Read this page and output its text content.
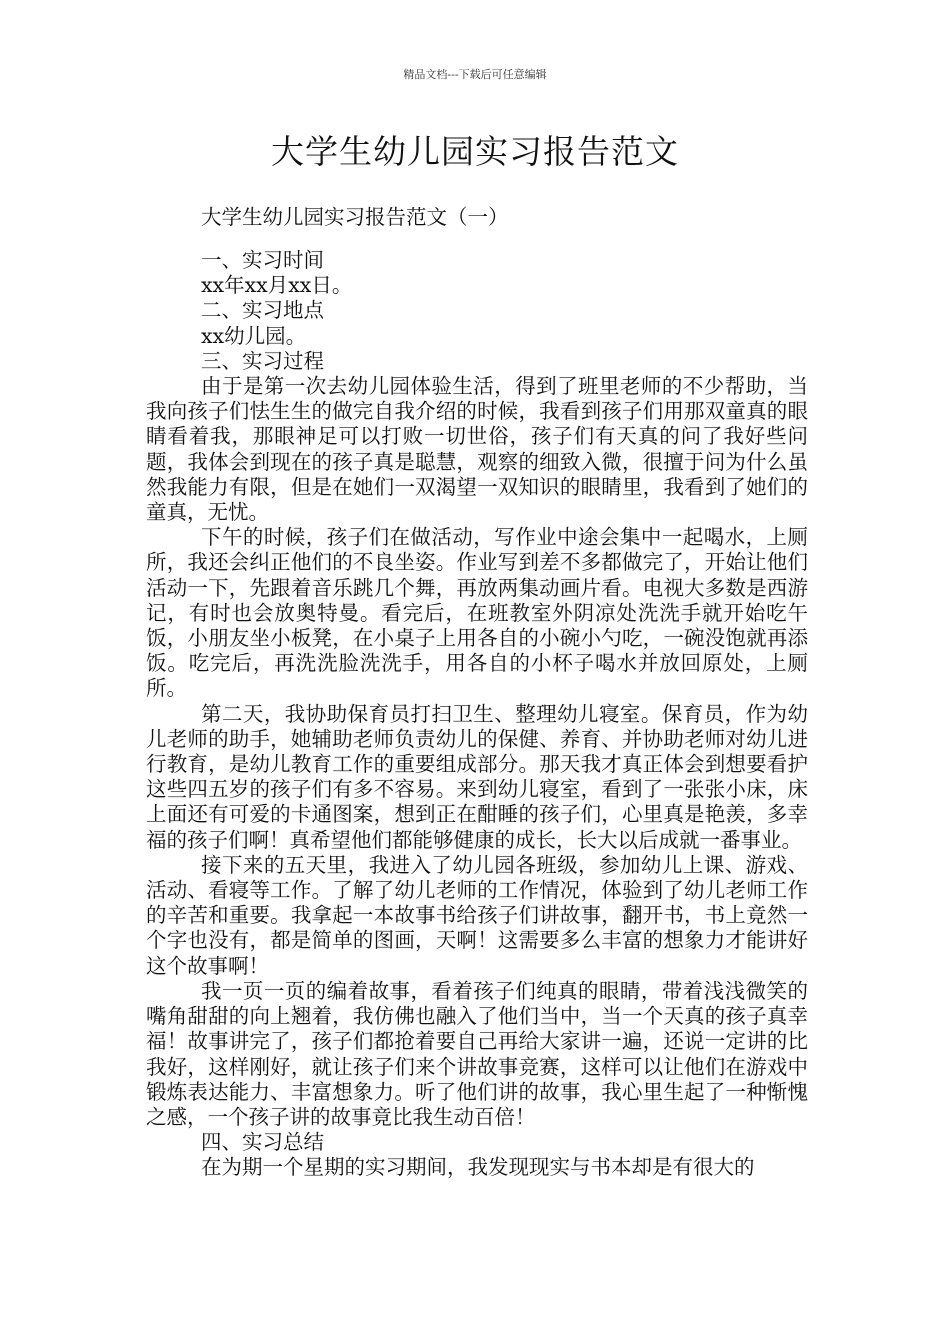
精品文档---下载后可任意编辑
大学生幼儿园实习报告范文

大学生幼儿园实习报告范文（一）

一、实习时间

xx年xx月xx日。

二、实习地点

xx幼儿园。

三、实习过程

由于是第一次去幼儿园体验生活，得到了班里老师的不少帮助，当我向孩子们怯生生的做完自我介绍的时候，我看到孩子们用那双童真的眼睛看着我，那眼神足可以打败一切世俗，孩子们有天真的问了我好些问题，我体会到现在的孩子真是聪慧，观察的细致入微，很擅于问为什么虽然我能力有限，但是在她们一双渴望一双知识的眼睛里，我看到了她们的童真，无忧。

下午的时候，孩子们在做活动，写作业中途会集中一起喝水，上厕所，我还会纠正他们的不良坐姿。作业写到差不多都做完了，开始让他们活动一下，先跟着音乐跳几个舞，再放两集动画片看。电视大多数是西游记，有时也会放奥特曼。看完后，在班教室外阴凉处洗洗手就开始吃午饭，小朋友坐小板凳，在小桌子上用各自的小碗小勺吃，一碗没饱就再添饭。吃完后，再洗洗脸洗洗手，用各自的小杯子喝水并放回原处，上厕所。

第二天，我协助保育员打扫卫生、整理幼儿寝室。保育员，作为幼儿老师的助手，她辅助老师负责幼儿的保健、养育、并协助老师对幼儿进行教育，是幼儿教育工作的重要组成部分。那天我才真正体会到想要看护这些四五岁的孩子们有多不容易。来到幼儿寝室，看到了一张张小床，床上面还有可爱的卡通图案，想到正在酣睡的孩子们，心里真是艳羡，多幸福的孩子们啊！真希望他们都能够健康的成长，长大以后成就一番事业。

接下来的五天里，我进入了幼儿园各班级，参加幼儿上课、游戏、活动、看寝等工作。了解了幼儿老师的工作情况，体验到了幼儿老师工作的辛苦和重要。我拿起一本故事书给孩子们讲故事，翻开书，书上竟然一个字也没有，都是简单的图画，天啊！这需要多么丰富的想象力才能讲好这个故事啊！

我一页一页的编着故事，看着孩子们纯真的眼睛，带着浅浅微笑的嘴角甜甜的向上翘着，我仿佛也融入了他们当中，当一个天真的孩子真幸福！故事讲完了，孩子们都抢着要自己再给大家讲一遍，还说一定讲的比我好，这样刚好，就让孩子们来个讲故事竞赛，这样可以让他们在游戏中锻炼表达能力、丰富想象力。听了他们讲的故事，我心里生起了一种惭愧之感，一个孩子讲的故事竟比我生动百倍！

四、实习总结

在为期一个星期的实习期间，我发现现实与书本却是有很大的
